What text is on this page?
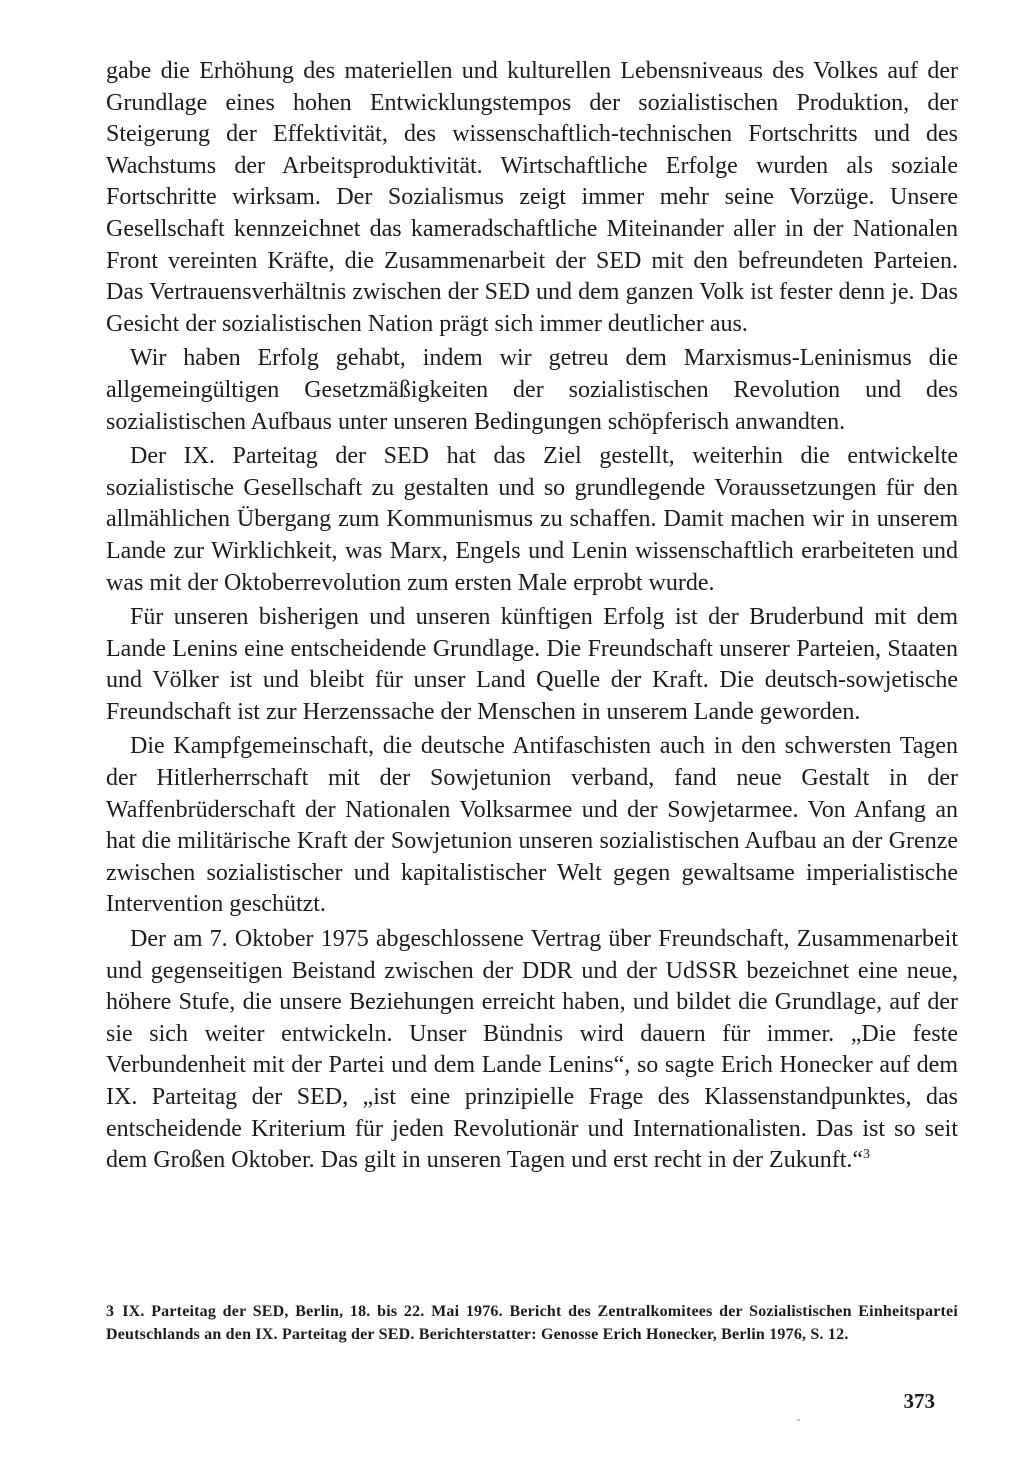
gabe die Erhöhung des materiellen und kulturellen Lebensniveaus des Volkes auf der Grundlage eines hohen Entwicklungstempos der sozialistischen Produktion, der Steigerung der Effektivität, des wissenschaftlich-technischen Fortschritts und des Wachstums der Arbeitsproduktivität. Wirtschaftliche Erfolge wurden als soziale Fortschritte wirksam. Der Sozialismus zeigt immer mehr seine Vorzüge. Unsere Gesellschaft kennzeichnet das kameradschaftliche Miteinander aller in der Nationalen Front vereinten Kräfte, die Zusammenarbeit der SED mit den befreundeten Parteien. Das Vertrauensverhältnis zwischen der SED und dem ganzen Volk ist fester denn je. Das Gesicht der sozialistischen Nation prägt sich immer deutlicher aus.

Wir haben Erfolg gehabt, indem wir getreu dem Marxismus-Leninismus die allgemeingültigen Gesetzmäßigkeiten der sozialistischen Revolution und des sozialistischen Aufbaus unter unseren Bedingungen schöpferisch anwandten.

Der IX. Parteitag der SED hat das Ziel gestellt, weiterhin die entwickelte sozialistische Gesellschaft zu gestalten und so grundlegende Voraussetzungen für den allmählichen Übergang zum Kommunismus zu schaffen. Damit machen wir in unserem Lande zur Wirklichkeit, was Marx, Engels und Lenin wissenschaftlich erarbeiteten und was mit der Oktoberrevolution zum ersten Male erprobt wurde.

Für unseren bisherigen und unseren künftigen Erfolg ist der Bruderbund mit dem Lande Lenins eine entscheidende Grundlage. Die Freundschaft unserer Parteien, Staaten und Völker ist und bleibt für unser Land Quelle der Kraft. Die deutsch-sowjetische Freundschaft ist zur Herzenssache der Menschen in unserem Lande geworden.

Die Kampfgemeinschaft, die deutsche Antifaschisten auch in den schwersten Tagen der Hitlerherrschaft mit der Sowjetunion verband, fand neue Gestalt in der Waffenbrüderschaft der Nationalen Volksarmee und der Sowjetarmee. Von Anfang an hat die militärische Kraft der Sowjetunion unseren sozialistischen Aufbau an der Grenze zwischen sozialistischer und kapitalistischer Welt gegen gewaltsame imperialistische Intervention geschützt.

Der am 7. Oktober 1975 abgeschlossene Vertrag über Freundschaft, Zusammenarbeit und gegenseitigen Beistand zwischen der DDR und der UdSSR bezeichnet eine neue, höhere Stufe, die unsere Beziehungen erreicht haben, und bildet die Grundlage, auf der sie sich weiter entwickeln. Unser Bündnis wird dauern für immer. „Die feste Verbundenheit mit der Partei und dem Lande Lenins“, so sagte Erich Honecker auf dem IX. Parteitag der SED, „ist eine prinzipielle Frage des Klassenstandpunktes, das entscheidende Kriterium für jeden Revolutionär und Internationalisten. Das ist so seit dem Großen Oktober. Das gilt in unseren Tagen und erst recht in der Zukunft.“$^3$

3 IX. Parteitag der SED, Berlin, 18. bis 22. Mai 1976. Bericht des Zentralkomitees der Sozialistischen Einheitspartei Deutschlands an den IX. Parteitag der SED. Berichterstatter: Genosse Erich Honecker, Berlin 1976, S. 12.
373
